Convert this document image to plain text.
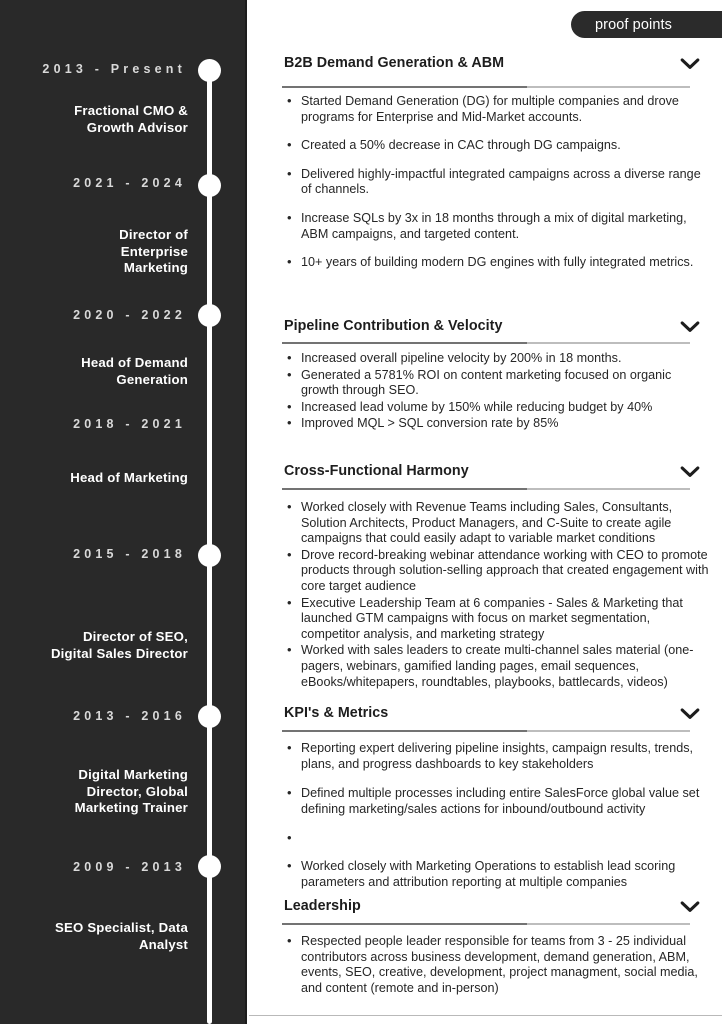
2013 - Present
Fractional CMO &
Growth Advisor
2021 - 2024
Director of
Enterprise
Marketing
2020 - 2022
Head of Demand
Generation
2018 - 2021
Head of Marketing
2015 - 2018
Director of SEO,
Digital Sales Director
2013 - 2016
Digital Marketing
Director, Global
Marketing Trainer
2009 - 2013
SEO Specialist, Data
Analyst
proof points
B2B Demand Generation & ABM
• Started Demand Generation (DG) for multiple companies and drove programs for Enterprise and Mid-Market accounts.
• Created a 50% decrease in CAC through DG campaigns.
• Delivered highly-impactful integrated campaigns across a diverse range of channels.
• Increase SQLs by 3x in 18 months through a mix of digital marketing, ABM campaigns, and targeted content.
• 10+ years of building modern DG engines with fully integrated metrics.
Pipeline Contribution & Velocity
• Increased overall pipeline velocity by 200% in 18 months.
• Generated a 5781% ROI on content marketing focused on organic growth through SEO.
• Increased lead volume by 150% while reducing budget by 40%
• Improved MQL > SQL conversion rate by 85%
Cross-Functional Harmony
• Worked closely with Revenue Teams including Sales, Consultants, Solution Architects, Product Managers, and C-Suite to create agile campaigns that could easily adapt to variable market conditions
• Drove record-breaking webinar attendance working with CEO to promote products through solution-selling approach that created engagement with core target audience
• Executive Leadership Team at 6 companies - Sales & Marketing that launched GTM campaigns with focus on market segmentation, competitor analysis, and marketing strategy
• Worked with sales leaders to create multi-channel sales material (one-pagers, webinars, gamified landing pages, email sequences, eBooks/whitepapers, roundtables, playbooks, battlecards, videos)
KPI's & Metrics
• Reporting expert delivering pipeline insights, campaign results, trends, plans, and progress dashboards to key stakeholders
• Defined multiple processes including entire SalesForce global value set defining marketing/sales actions for inbound/outbound activity
•
• Worked closely with Marketing Operations to establish lead scoring parameters and attribution reporting at multiple companies
Leadership
• Respected people leader responsible for teams from 3 - 25 individual contributors across business development, demand generation, ABM, events, SEO, creative, development, project managment, social media, and content (remote and in-person)
